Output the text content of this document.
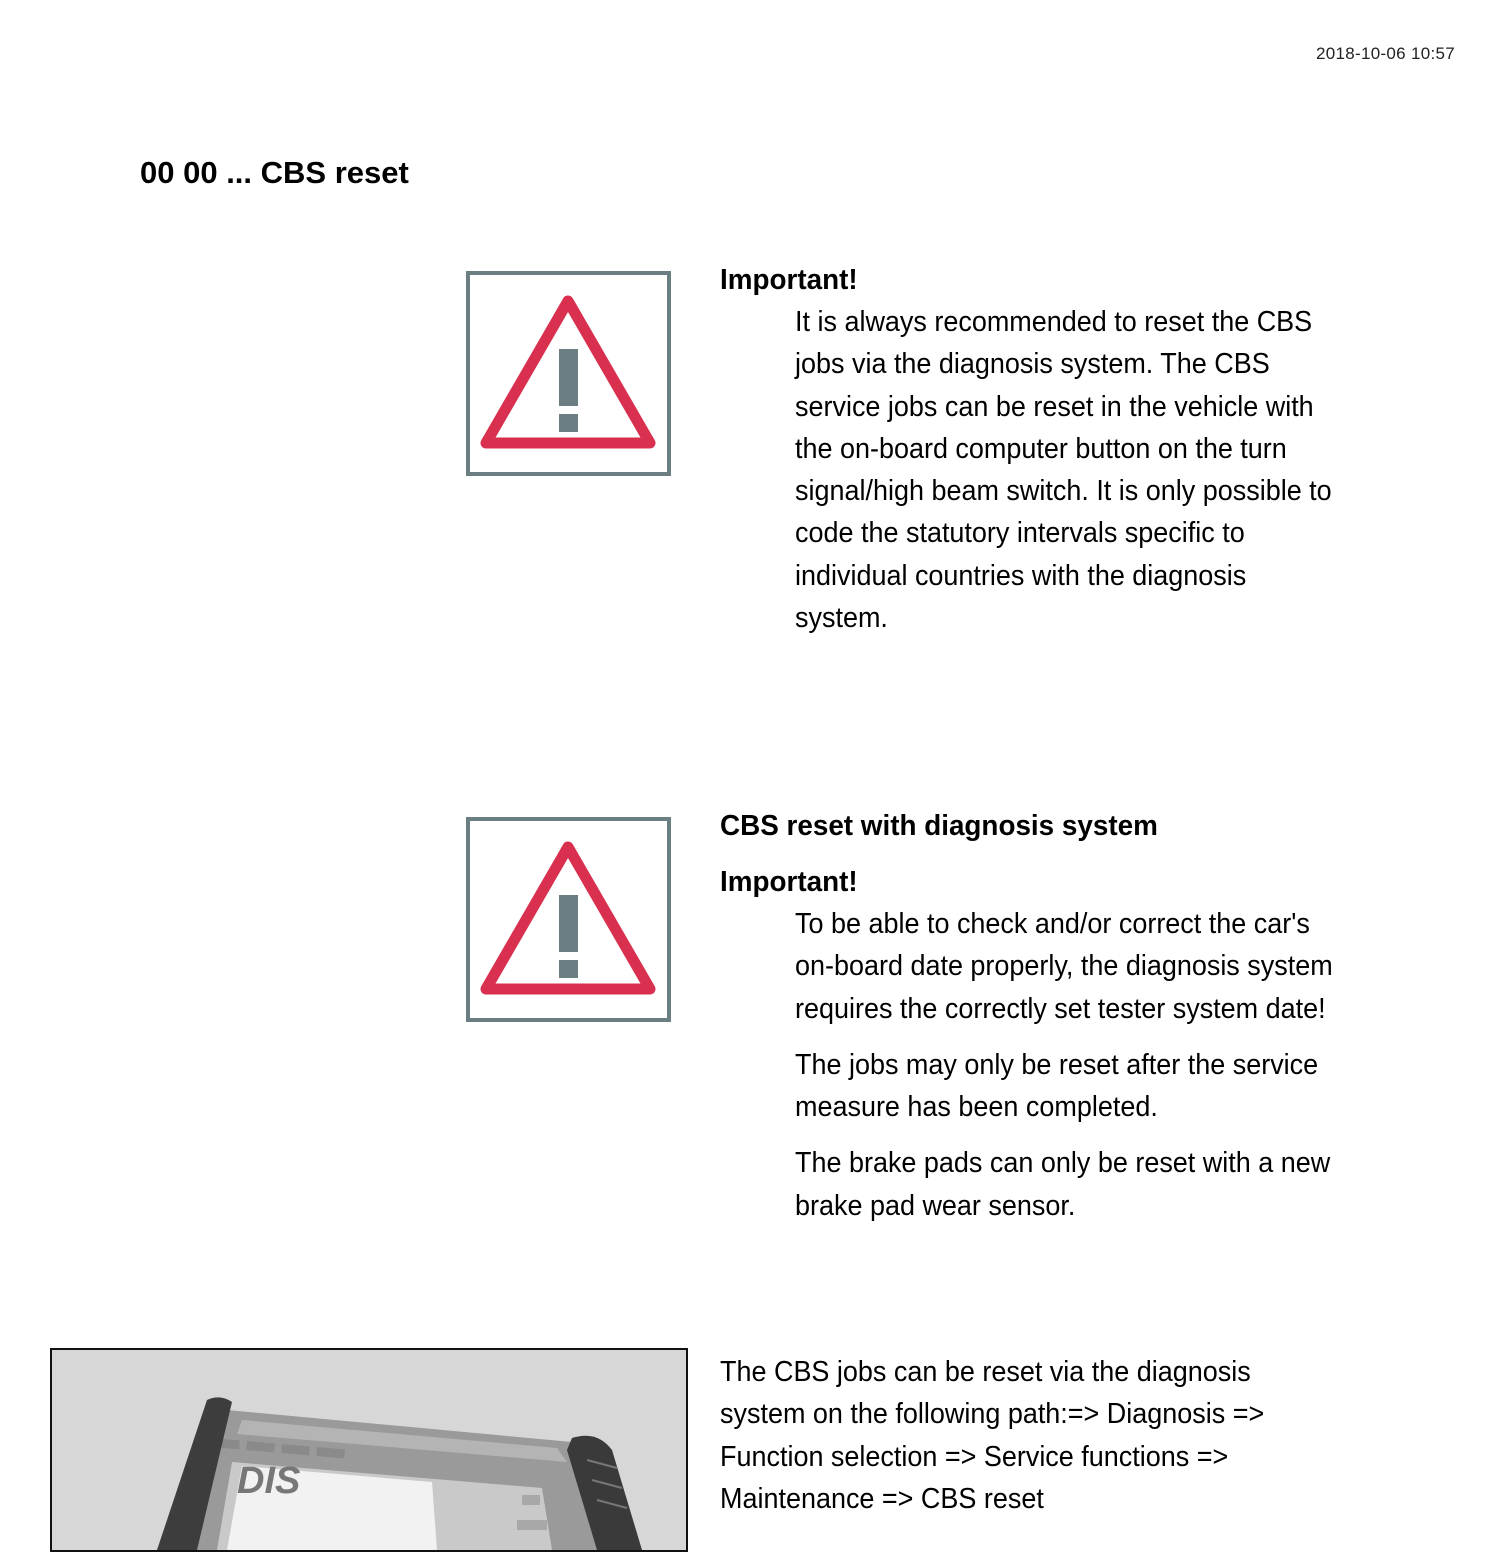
2018-10-06 10:57
00 00 ... CBS reset

Important!

It is always recommended to reset the CBS

jobs via the diagnosis system. The CBS

service jobs can be reset in the vehicle with

the on-board computer button on the turn

signal/high beam switch. It is only possible to

code the statutory intervals specific to

individual countries with the diagnosis

system.

CBS reset with diagnosis system

Important!

To be able to check and/or correct the car's

on-board date properly, the diagnosis system

requires the correctly set tester system date!

The jobs may only be reset after the service

measure has been completed.

The brake pads can only be reset with a new

brake pad wear sensor.

DIS

The CBS jobs can be reset via the diagnosis

system on the following path:=> Diagnosis =>

Function selection => Service functions =>

Maintenance => CBS reset
